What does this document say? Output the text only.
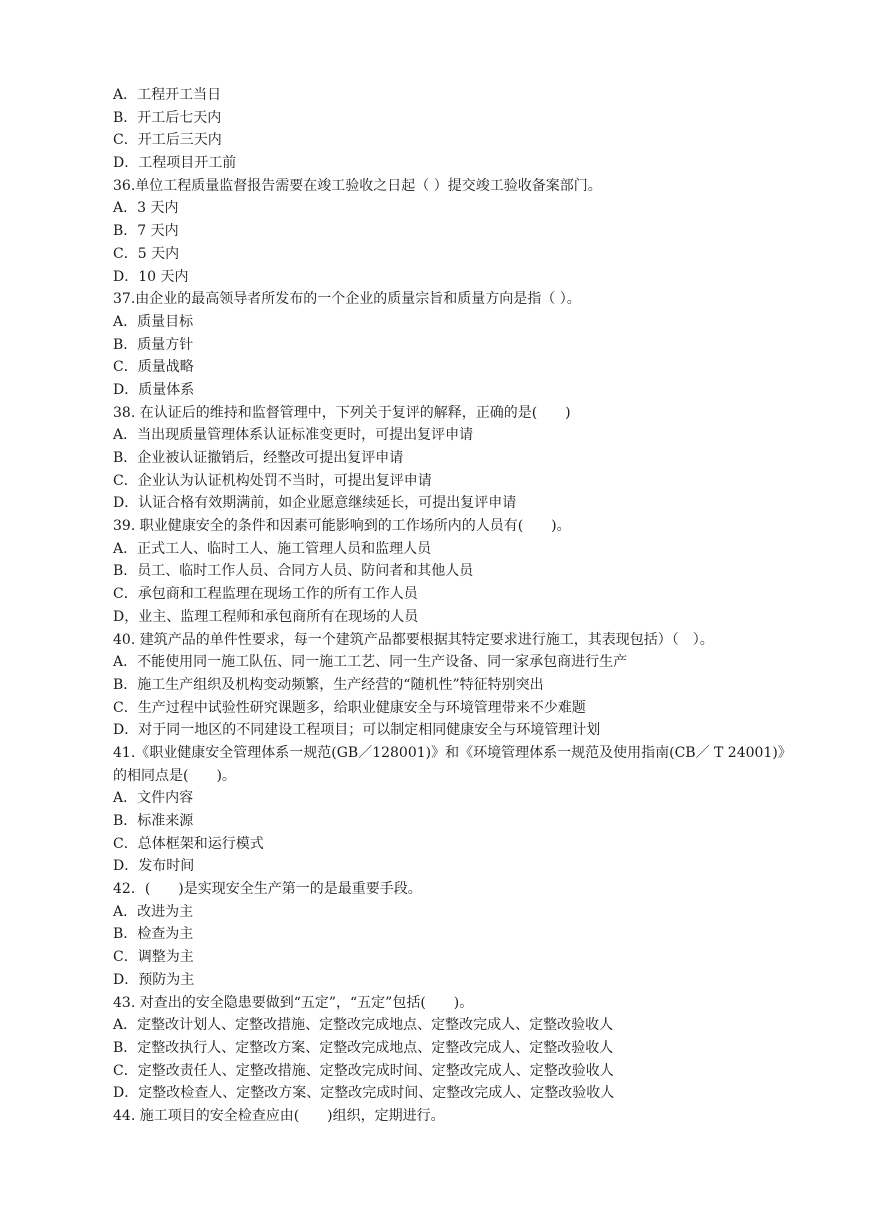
A．工程开工当日
B．开工后七天内
C．开工后三天内
D．工程项目开工前
36.单位工程质量监督报告需要在竣工验收之日起（ ）提交竣工验收备案部门。
A．3 天内
B．7 天内
C．5 天内
D．10 天内
37.由企业的最高领导者所发布的一个企业的质量宗旨和质量方向是指（ ）。
A．质量目标
B．质量方针
C．质量战略
D．质量体系
38. 在认证后的维持和监督管理中，下列关于复评的解释，正确的是(　　)
A．当出现质量管理体系认证标准变更时，可提出复评申请
B．企业被认证撤销后，经整改可提出复评申请
C．企业认为认证机构处罚不当时，可提出复评申请
D．认证合格有效期满前，如企业愿意继续延长，可提出复评申请
39. 职业健康安全的条件和因素可能影响到的工作场所内的人员有(　　)。
A．正式工人、临时工人、施工管理人员和监理人员
B．员工、临时工作人员、合同方人员、防问者和其他人员
C．承包商和工程监理在现场工作的所有工作人员
D，业主、监理工程师和承包商所有在现场的人员
40. 建筑产品的单件性要求，每一个建筑产品都要根据其特定要求进行施工，其表现包括）（　）。
A．不能使用同一施工队伍、同一施工工艺、同一生产设备、同一家承包商进行生产
B．施工生产组织及机构变动频繁，生产经营的“随机性”特征特别突出
C．生产过程中试验性研究课题多，给职业健康安全与环境管理带来不少难题
D．对于同一地区的不同建设工程项目；可以制定相同健康安全与环境管理计划
41.《职业健康安全管理体系一规范(GB／128001)》和《环境管理体系一规范及使用指南(CB／ T 24001)》
的相同点是(　　)。
A．文件内容
B．标准来源
C．总体框架和运行模式
D．发布时间
42．(　　)是实现安全生产第一的是最重要手段。
A．改进为主
B．检查为主
C．调整为主
D．预防为主
43. 对查出的安全隐患要做到“五定”，“五定”包括(　　)。
A．定整改计划人、定整改措施、定整改完成地点、定整改完成人、定整改验收人
B．定整改执行人、定整改方案、定整改完成地点、定整改完成人、定整改验收人
C．定整改责任人、定整改措施、定整改完成时间、定整改完成人、定整改验收人
D．定整改检查人、定整改方案、定整改完成时间、定整改完成人、定整改验收人
44. 施工项目的安全检查应由(　　)组织，定期进行。
